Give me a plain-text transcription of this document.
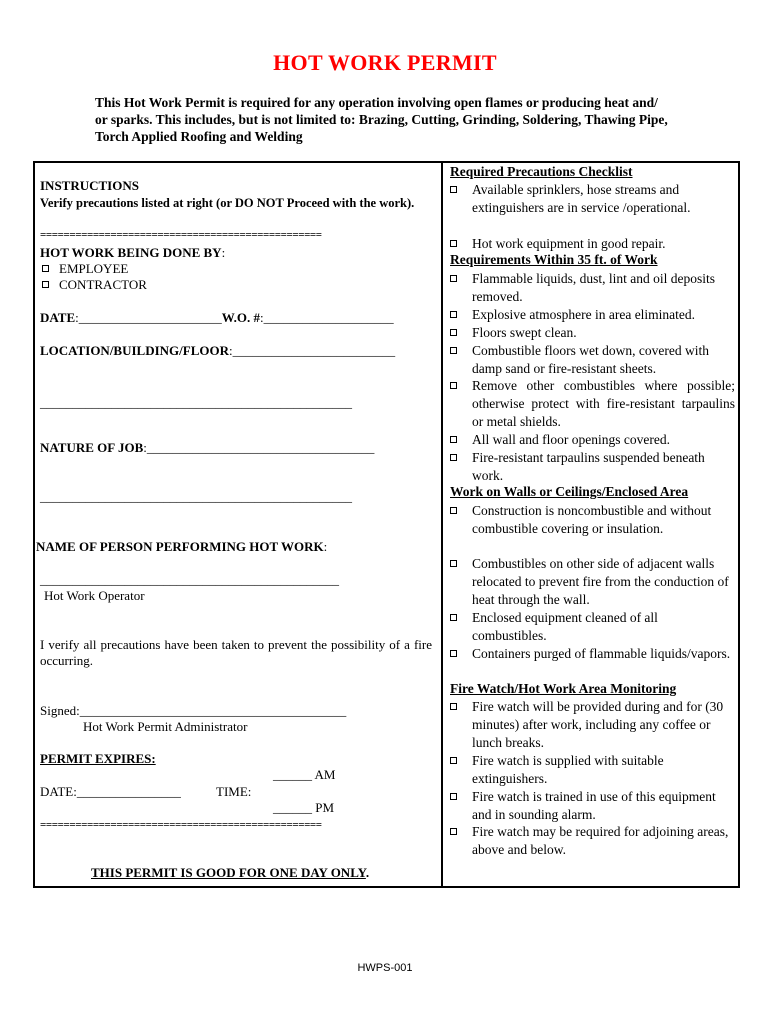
HOT WORK PERMIT
This Hot Work Permit is required for any operation involving open flames or producing heat and/ or sparks. This includes, but is not limited to: Brazing, Cutting, Grinding, Soldering, Thawing Pipe, Torch Applied Roofing and Welding
INSTRUCTIONS
Verify precautions listed at right (or DO NOT Proceed with the work).
================================================
HOT WORK BEING DONE BY:
EMPLOYEE
CONTRACTOR
DATE:______________________W.O. #:____________________
LOCATION/BUILDING/FLOOR:_________________________
________________________________________________
NATURE OF JOB:___________________________________
________________________________________________
NAME OF PERSON PERFORMING HOT WORK:
______________________________________________
Hot Work Operator
I verify all precautions have been taken to prevent the possibility of a fire occurring.
Signed:_________________________________________
Hot Work Permit Administrator
PERMIT EXPIRES:
______ AM
DATE:________________	TIME:
______ PM
================================================
THIS PERMIT IS GOOD FOR ONE DAY ONLY.
Required Precautions Checklist
Available sprinklers, hose streams and extinguishers are in service /operational.
Hot work equipment in good repair.
Requirements Within 35 ft. of Work
Flammable liquids, dust, lint and oil deposits removed.
Explosive atmosphere in area eliminated.
Floors swept clean.
Combustible floors wet down, covered with damp sand or fire-resistant sheets.
Remove other combustibles where possible; otherwise protect with fire-resistant tarpaulins or metal shields.
All wall and floor openings covered.
Fire-resistant tarpaulins suspended beneath work.
Work on Walls or Ceilings/Enclosed Area
Construction is noncombustible and without combustible covering or insulation.
Combustibles on other side of adjacent walls relocated to prevent fire from the conduction of heat through the wall.
Enclosed equipment cleaned of all combustibles.
Containers purged of flammable liquids/vapors.
Fire Watch/Hot Work Area Monitoring
Fire watch will be provided during and for (30 minutes) after work, including any coffee or lunch breaks.
Fire watch is supplied with suitable extinguishers.
Fire watch is trained in use of this equipment and in sounding alarm.
Fire watch may be required for adjoining areas, above and below.
HWPS-001
